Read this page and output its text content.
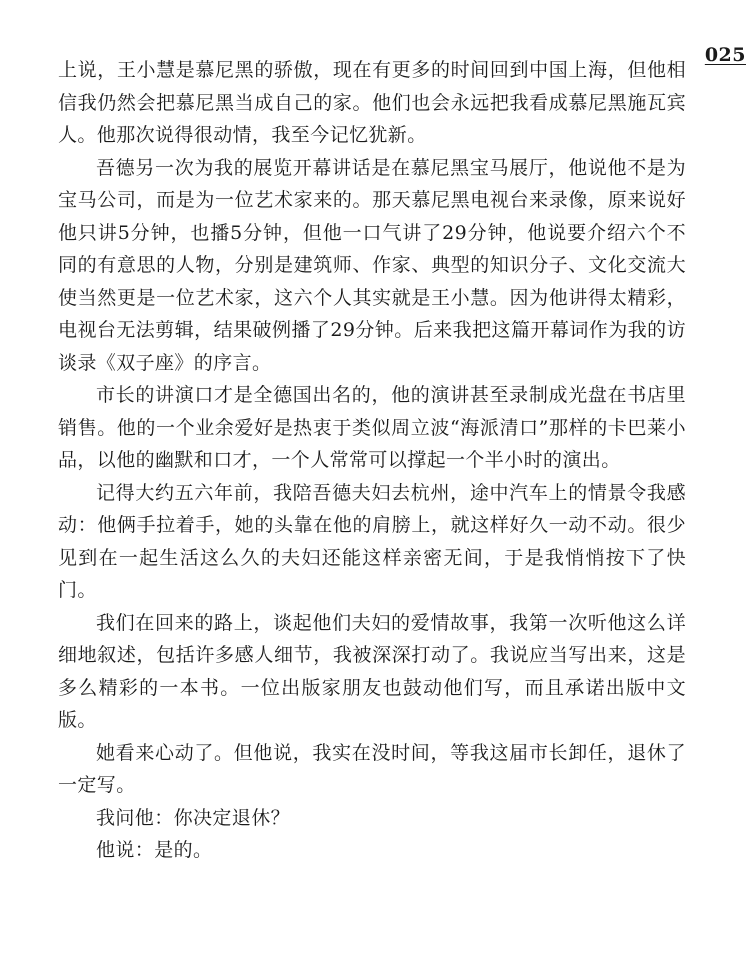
025

上说，王小慧是慕尼黑的骄傲，现在有更多的时间回到中国上海，但他相信我仍然会把慕尼黑当成自己的家。他们也会永远把我看成慕尼黑施瓦宾人。他那次说得很动情，我至今记忆犹新。

吾德另一次为我的展览开幕讲话是在慕尼黑宝马展厅，他说他不是为宝马公司，而是为一位艺术家来的。那天慕尼黑电视台来录像，原来说好他只讲5分钟，也播5分钟，但他一口气讲了29分钟，他说要介绍六个不同的有意思的人物，分别是建筑师、作家、典型的知识分子、文化交流大使当然更是一位艺术家，这六个人其实就是王小慧。因为他讲得太精彩，电视台无法剪辑，结果破例播了29分钟。后来我把这篇开幕词作为我的访谈录《双子座》的序言。

市长的讲演口才是全德国出名的，他的演讲甚至录制成光盘在书店里销售。他的一个业余爱好是热衷于类似周立波“海派清口”那样的卡巴莱小品，以他的幽默和口才，一个人常常可以撑起一个半小时的演出。

记得大约五六年前，我陪吾德夫妇去杭州，途中汽车上的情景令我感动：他俩手拉着手，她的头靠在他的肩膀上，就这样好久一动不动。很少见到在一起生活这么久的夫妇还能这样亲密无间，于是我悄悄按下了快门。

我们在回来的路上，谈起他们夫妇的爱情故事，我第一次听他这么详细地叙述，包括许多感人细节，我被深深打动了。我说应当写出来，这是多么精彩的一本书。一位出版家朋友也鼓动他们写，而且承诺出版中文版。

她看来心动了。但他说，我实在没时间，等我这届市长卸任，退休了一定写。

我问他：你决定退休？

他说：是的。
